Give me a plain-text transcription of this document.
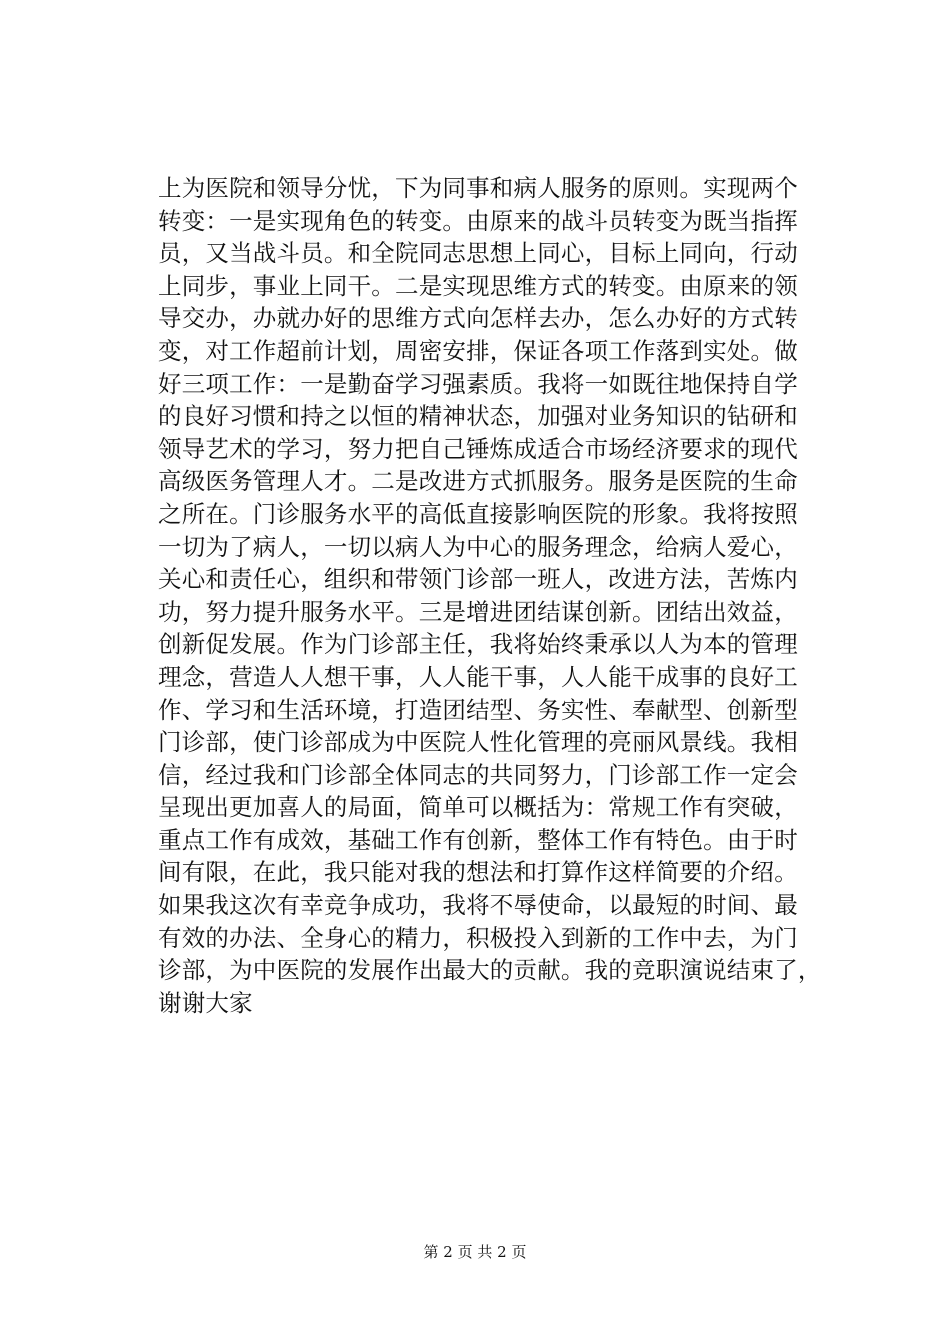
上为医院和领导分忧，下为同事和病人服务的原则。实现两个
转变：一是实现角色的转变。由原来的战斗员转变为既当指挥
员，又当战斗员。和全院同志思想上同心，目标上同向，行动
上同步，事业上同干。二是实现思维方式的转变。由原来的领
导交办，办就办好的思维方式向怎样去办，怎么办好的方式转
变，对工作超前计划，周密安排，保证各项工作落到实处。做
好三项工作：一是勤奋学习强素质。我将一如既往地保持自学
的良好习惯和持之以恒的精神状态，加强对业务知识的钻研和
领导艺术的学习，努力把自己锤炼成适合市场经济要求的现代
高级医务管理人才。二是改进方式抓服务。服务是医院的生命
之所在。门诊服务水平的高低直接影响医院的形象。我将按照
一切为了病人，一切以病人为中心的服务理念，给病人爱心，
关心和责任心，组织和带领门诊部一班人，改进方法，苦炼内
功，努力提升服务水平。三是增进团结谋创新。团结出效益，
创新促发展。作为门诊部主任，我将始终秉承以人为本的管理
理念，营造人人想干事，人人能干事，人人能干成事的良好工
作、学习和生活环境，打造团结型、务实性、奉献型、创新型
门诊部，使门诊部成为中医院人性化管理的亮丽风景线。我相
信，经过我和门诊部全体同志的共同努力，门诊部工作一定会
呈现出更加喜人的局面，简单可以概括为：常规工作有突破，
重点工作有成效，基础工作有创新，整体工作有特色。由于时
间有限，在此，我只能对我的想法和打算作这样简要的介绍。
如果我这次有幸竞争成功，我将不辱使命，以最短的时间、最
有效的办法、全身心的精力，积极投入到新的工作中去，为门
诊部，为中医院的发展作出最大的贡献。我的竞职演说结束了，
谢谢大家
第 2 页 共 2 页
